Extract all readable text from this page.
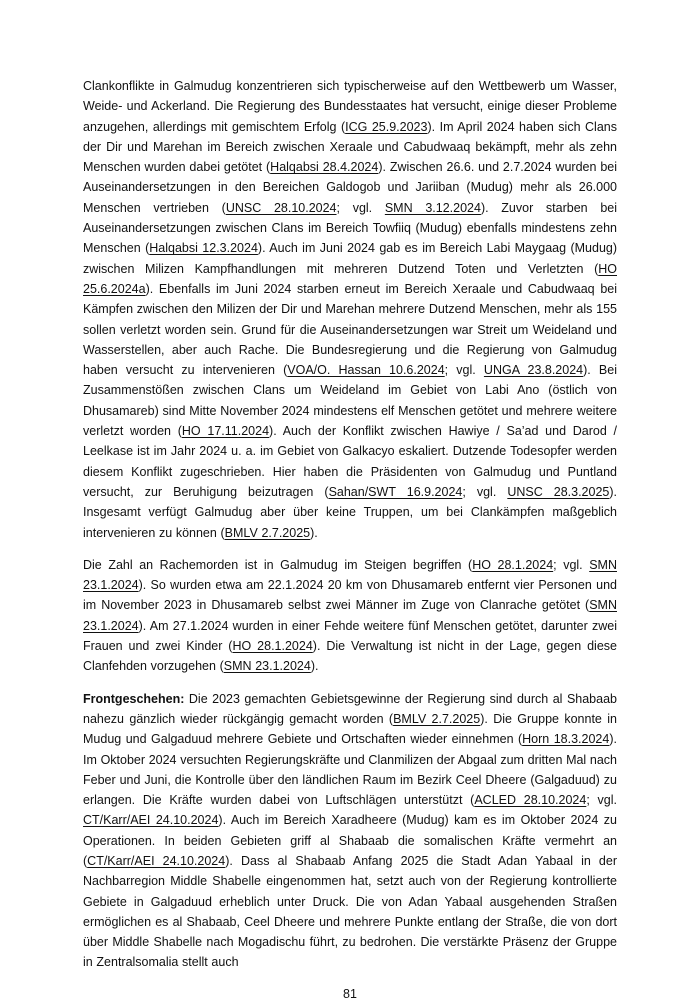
Clankonflikte in Galmudug konzentrieren sich typischerweise auf den Wettbewerb um Wasser, Weide- und Ackerland. Die Regierung des Bundesstaates hat versucht, einige dieser Probleme anzugehen, allerdings mit gemischtem Erfolg (ICG 25.9.2023). Im April 2024 haben sich Clans der Dir und Marehan im Bereich zwischen Xeraale und Cabudwaaq bekämpft, mehr als zehn Menschen wurden dabei getötet (Halqabsi 28.4.2024). Zwischen 26.6. und 2.7.2024 wurden bei Auseinandersetzungen in den Bereichen Galdogob und Jariiban (Mudug) mehr als 26.000 Menschen vertrieben (UNSC 28.10.2024; vgl. SMN 3.12.2024). Zuvor starben bei Auseinandersetzungen zwischen Clans im Bereich Towfiiq (Mudug) ebenfalls mindestens zehn Menschen (Halqabsi 12.3.2024). Auch im Juni 2024 gab es im Bereich Labi Maygaag (Mudug) zwischen Milizen Kampfhandlungen mit mehreren Dutzend Toten und Verletzten (HO 25.6.2024a). Ebenfalls im Juni 2024 starben erneut im Bereich Xeraale und Cabudwaaq bei Kämpfen zwischen den Milizen der Dir und Marehan mehrere Dutzend Menschen, mehr als 155 sollen verletzt worden sein. Grund für die Auseinandersetzungen war Streit um Weideland und Wasserstellen, aber auch Rache. Die Bundesregierung und die Regierung von Galmudug haben versucht zu intervenieren (VOA/O. Hassan 10.6.2024; vgl. UNGA 23.8.2024). Bei Zusammenstößen zwischen Clans um Weideland im Gebiet von Labi Ano (östlich von Dhusamareb) sind Mitte November 2024 mindestens elf Menschen getötet und mehrere weitere verletzt worden (HO 17.11.2024). Auch der Konflikt zwischen Hawiye / Sa’ad und Darod / Leelkase ist im Jahr 2024 u. a. im Gebiet von Galkacyo eskaliert. Dutzende Todesopfer werden diesem Konflikt zugeschrieben. Hier haben die Präsidenten von Galmudug und Puntland versucht, zur Beruhigung beizutragen (Sahan/SWT 16.9.2024; vgl. UNSC 28.3.2025). Insgesamt verfügt Galmudug aber über keine Truppen, um bei Clankämpfen maßgeblich intervenieren zu können (BMLV 2.7.2025).

Die Zahl an Rachemorden ist in Galmudug im Steigen begriffen (HO 28.1.2024; vgl. SMN 23.1.2024). So wurden etwa am 22.1.2024 20 km von Dhusamareb entfernt vier Personen und im November 2023 in Dhusamareb selbst zwei Männer im Zuge von Clanrache getötet (SMN 23.1.2024). Am 27.1.2024 wurden in einer Fehde weitere fünf Menschen getötet, darunter zwei Frauen und zwei Kinder (HO 28.1.2024). Die Verwaltung ist nicht in der Lage, gegen diese Clanfehden vorzugehen (SMN 23.1.2024).

Frontgeschehen: Die 2023 gemachten Gebietsgewinne der Regierung sind durch al Shabaab nahezu gänzlich wieder rückgängig gemacht worden (BMLV 2.7.2025). Die Gruppe konnte in Mudug und Galgaduud mehrere Gebiete und Ortschaften wieder einnehmen (Horn 18.3.2024). Im Oktober 2024 versuchten Regierungskräfte und Clanmilizen der Abgaal zum dritten Mal nach Feber und Juni, die Kontrolle über den ländlichen Raum im Bezirk Ceel Dheere (Galgaduud) zu erlangen. Die Kräfte wurden dabei von Luftschlägen unterstützt (ACLED 28.10.2024; vgl. CT/Karr/AEI 24.10.2024). Auch im Bereich Xaradheere (Mudug) kam es im Oktober 2024 zu Operationen. In beiden Gebieten griff al Shabaab die somalischen Kräfte vermehrt an (CT/Karr/AEI 24.10.2024). Dass al Shabaab Anfang 2025 die Stadt Adan Yabaal in der Nachbarregion Middle Shabelle eingenommen hat, setzt auch von der Regierung kontrollierte Gebiete in Galgaduud erheblich unter Druck. Die von Adan Yabaal ausgehenden Straßen ermöglichen es al Shabaab, Ceel Dheere und mehrere Punkte entlang der Straße, die von dort über Middle Shabelle nach Mogadischu führt, zu bedrohen. Die verstärkte Präsenz der Gruppe in Zentralsomalia stellt auch

81
